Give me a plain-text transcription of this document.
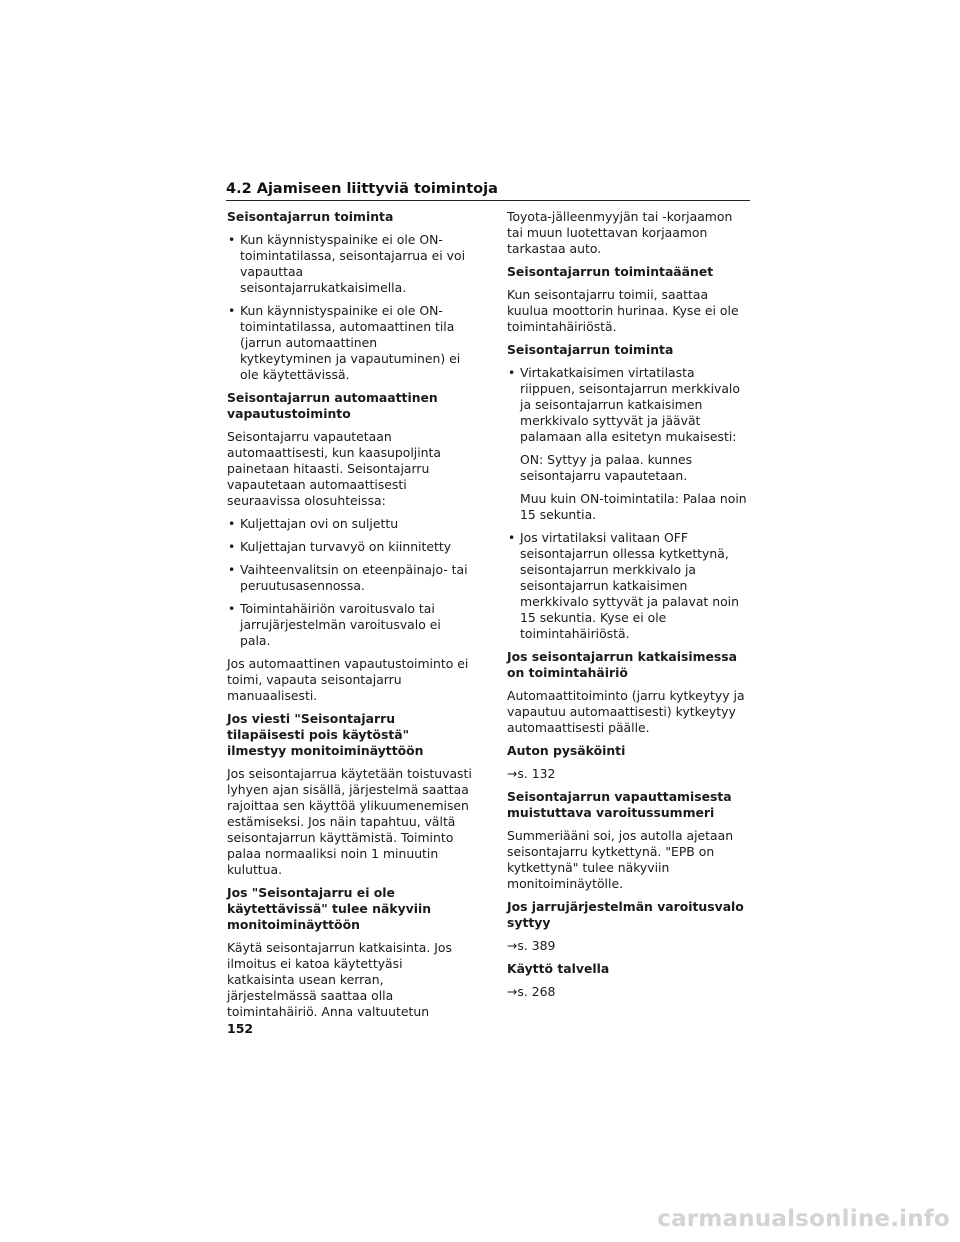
4.2 Ajamiseen liittyviä toimintoja
Seisontajarrun toiminta
• Kun käynnistyspainike ei ole ON-toimintatilassa, seisontajarrua ei voi vapauttaa seisontajarrukatkaisimella.
• Kun käynnistyspainike ei ole ON-toimintatilassa, automaattinen tila (jarrun automaattinen kytkeytyminen ja vapautuminen) ei ole käytettävissä.
Seisontajarrun automaattinen vapautustoiminto
Seisontajarru vapautetaan automaattisesti, kun kaasupoljinta painetaan hitaasti. Seisontajarru vapautetaan automaattisesti seuraavissa olosuhteissa:
• Kuljettajan ovi on suljettu
• Kuljettajan turvavyö on kiinnitetty
• Vaihteenvalitsin on eteenpäinajo- tai peruutusasennossa.
• Toimintahäiriön varoitusvalo tai jarrujärjestelmän varoitusvalo ei pala.
Jos automaattinen vapautustoiminto ei toimi, vapauta seisontajarru manuaalisesti.
Jos viesti "Seisontajarru tilapäisesti pois käytöstä" ilmestyy monitoiminäyttöön
Jos seisontajarrua käytetään toistuvasti lyhyen ajan sisällä, järjestelmä saattaa rajoittaa sen käyttöä ylikuumenemisen estämiseksi. Jos näin tapahtuu, vältä seisontajarrun käyttämistä. Toiminto palaa normaaliksi noin 1 minuutin kuluttua.
Jos "Seisontajarru ei ole käytettävissä" tulee näkyviin monitoiminäyttöön
Käytä seisontajarrun katkaisinta. Jos ilmoitus ei katoa käytettyäsi katkaisinta usean kerran, järjestelmässä saattaa olla toimintahäiriö. Anna valtuutetun
Toyota-jälleenmyyjän tai -korjaamon tai muun luotettavan korjaamon tarkastaa auto.
Seisontajarrun toimintaäänet
Kun seisontajarru toimii, saattaa kuulua moottorin hurinaa. Kyse ei ole toimintahäiriöstä.
Seisontajarrun toiminta
• Virtakatkaisimen virtatilasta riippuen, seisontajarrun merkkivalo ja seisontajarrun katkaisimen merkkivalo syttyvät ja jäävät palamaan alla esitetyn mukaisesti:
ON: Syttyy ja palaa. kunnes seisontajarru vapautetaan.
Muu kuin ON-toimintatila: Palaa noin 15 sekuntia.
• Jos virtatilaksi valitaan OFF seisontajarrun ollessa kytkettynä, seisontajarrun merkkivalo ja seisontajarrun katkaisimen merkkivalo syttyvät ja palavat noin 15 sekuntia. Kyse ei ole toimintahäiriöstä.
Jos seisontajarrun katkaisimessa on toimintahäiriö
Automaattitoiminto (jarru kytkeytyy ja vapautuu automaattisesti) kytkeytyy automaattisesti päälle.
Auton pysäköinti
→s. 132
Seisontajarrun vapauttamisesta muistuttava varoitussummeri
Summeriääni soi, jos autolla ajetaan seisontajarru kytkettynä. "EPB on kytkettynä" tulee näkyviin monitoiminäytölle.
Jos jarrujärjestelmän varoitusvalo syttyy
→s. 389
Käyttö talvella
→s. 268
152
carmanualsonline.info
